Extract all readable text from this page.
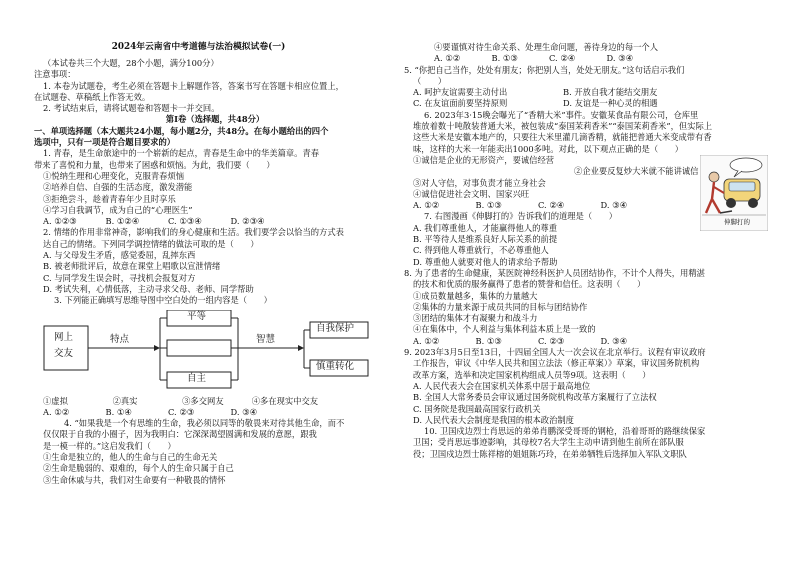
2024年云南省中考道德与法治模拟试卷(一)
（本试卷共三个大题，28个小题，满分100分）
注意事项：
1. 本卷为试题卷，考生必须在答题卡上解题作答，答案书写在答题卡相应位置上，
在试题卷、草稿纸上作答无效。
2. 考试结束后，请将试题卷和答题卡一并交回。
第Ⅰ卷（选择题，共48分）
一、单项选择题（本大题共24小题，每小题2分，共48分。在每小题给出的四个
选项中，只有一项是符合题目要求的）
1. 青春，是生命旅途中的一个崭新的起点，青春是生命中的华美篇章。青春
带来了喜悦和力量，也带来了困惑和烦恼。为此，我们要（　　）
①悦纳生理和心理变化，克服青春烦恼
②培养自信、自强的生活态度，激发潜能
③拒绝尝斗，趁着青春年少且时享乐
④学习自我调节，成为自己的“心理医生”
A. ①②③	B. ①②④	C. ①③④	D. ②③④
2. 情绪的作用非常神奇，影响我们的身心健康和生活。我们要学会以恰当的方式表
达自己的情绪。下列同学调控情绪的做法可取的是（　　）
A. 与父母发生矛盾，感觉委屈，乱摔东西
B. 被老师批评后，故意在课堂上唱歌以宣泄情绪
C. 与同学发生误会时，寻找机会报复对方
D. 考试失利，心情低落，主动寻求父母、老师、同学帮助
3. 下列能正确填写思维导图中空白处的一组内容是（　　）
网上
交友
特点
平等
自主
智慧
自我保护
慎重转化
①虚拟	②真实	③多交网友	④多在现实中交友
A. ①②	B. ①④	C. ②③	D. ③④
4. “如果我是一个有思维的生命，我必须以同等的敬畏来对待其他生命，而不
仅仅限于自我的小圈子，因为我明白：它深深渴望圆满和发展的意愿，跟我
是一模一样的。”这启发我们（　　）
①生命是独立的，他人的生命与自己的生命无关
②生命是脆弱的、艰难的，每个人的生命只属于自己
③生命休戚与共，我们对生命要有一种敬畏的情怀
④要谨慎对待生命关系、处理生命问题，善待身边的每一个人
A. ①②	B. ①③	C. ②④	D. ③④
5. “你把自己当作，处处有朋友；你把别人当，处处无朋友。”这句话启示我们
（　　）
A. 呵护友谊需要主动付出	B. 开放自我才能结交朋友
C. 在友谊面前要坚持原则	D. 友谊是一种心灵的相遇
6. 2023年3·15晚会曝光了“香精大米”事件。安徽某食品有限公司，仓库里
堆放着数十吨散装普通大米，被包装成“泰国茉莉香米”“泰国茉莉香米”，但实际上
这些大米是安徽本地产的，只要往大米里灌几滴香精，就能把普通大米变成带有香
味，这样的大米一年能卖出1000多吨。对此，以下观点正确的是（　　）
伸脚打的
①诚信是企业的无形资产，要诚信经营
②企业要反复炒大米就不能讲诚信
③对人守信，对事负责才能立身社会
④诚信促进社会文明、国家兴旺
A. ①②	B. ①③	C. ②④	D. ③④
7. 右图漫画《伸脚打的》告诉我们的道理是（　　）
A. 我们尊重他人，才能赢得他人的尊重
B. 平等待人是维系良好人际关系的前提
C. 得到他人尊重就行，不必尊重他人
D. 尊重他人就要对他人的请求给予帮助
8. 为了患者的生命健康，某医院神经科医护人员团结协作，不计个人得失，用精湛
的技术和优质的服务赢得了患者的赞誉和信任。这表明（　　）
①成员数量越多，集体的力量越大
②集体的力量来源于成员共同的目标与团结协作
③团结的集体才有凝聚力和战斗力
④在集体中，个人利益与集体利益本质上是一致的
A. ①②	B. ①③	C. ②③	D. ③④
9. 2023年3月5日至13日，十四届全国人大一次会议在北京举行。议程有审议政府
工作报告，审议《中华人民共和国立法法（修正草案）》草案，审议国务院机构
改革方案，选举和决定国家机构组成人员等9项。这表明（　　）
A. 人民代表大会在国家机关体系中居于最高地位
B. 全国人大常务委员会审议通过国务院机构改革方案履行了立法权
C. 国务院是我国最高国家行政机关
D. 人民代表大会制度是我国的根本政治制度
10. 卫国戍边烈士肖思远的弟弟肖鹏深受哥哥的钢枪，沿着哥哥的路继续保家
卫国；受肖思远事迹影响，其母校7名大学生主动申请到他生前所在部队服
役；卫国戍边烈士陈祥榕的姐姐陈巧玲，在弟弟牺牲后选择加入军队文职队
